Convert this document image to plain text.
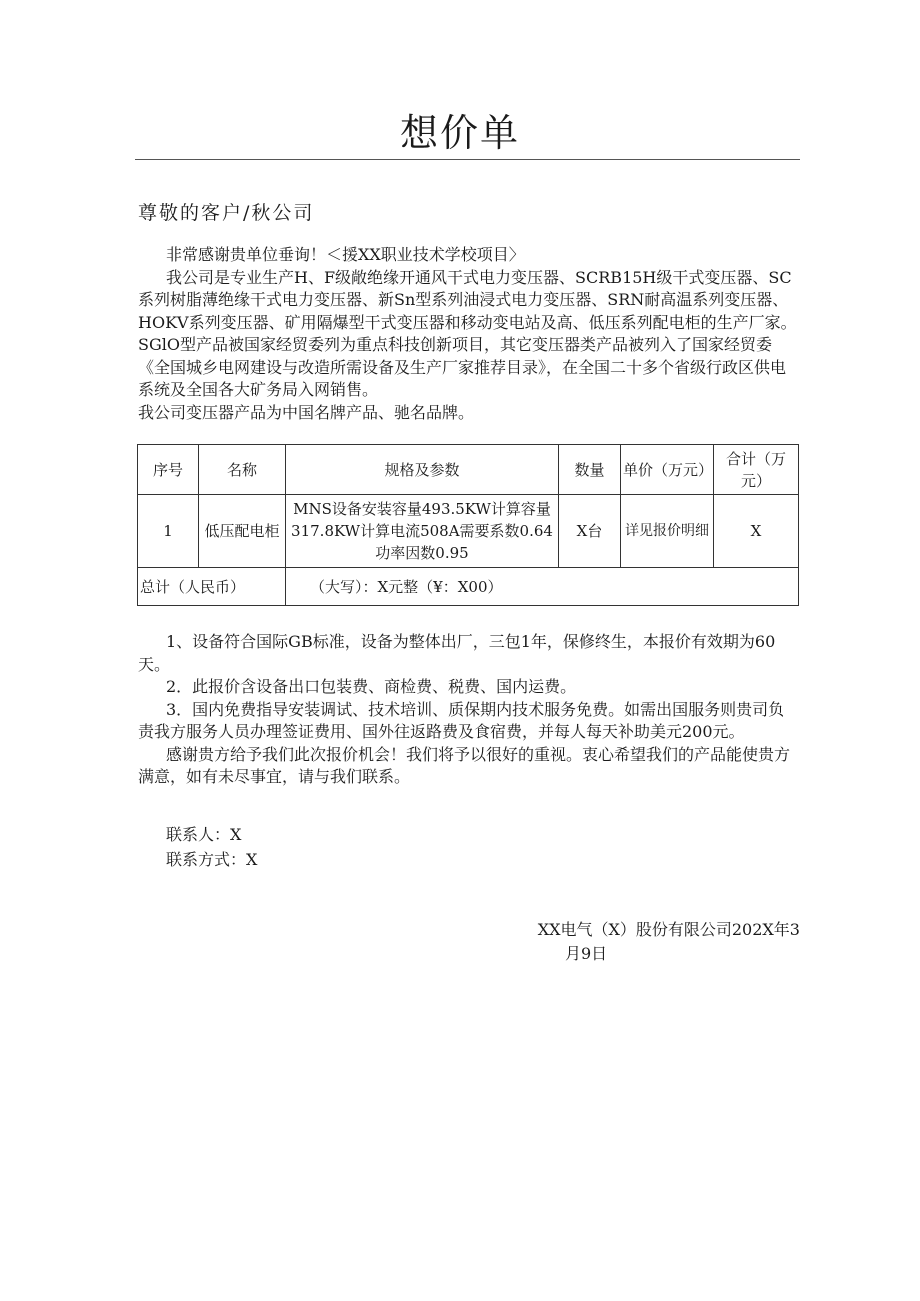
想价单
尊敬的客户/秋公司

非常感谢贵单位垂询！＜援XX职业技术学校项目〉

我公司是专业生产H、F级敞绝缘开通风干式电力变压器、SCRB15H级干式变压器、SC系列树脂薄绝缘干式电力变压器、新Sn型系列油浸式电力变压器、SRN耐高温系列变压器、HOKV系列变压器、矿用隔爆型干式变压器和移动变电站及高、低压系列配电柜的生产厂家。SGlO型产品被国家经贸委列为重点科技创新项目，其它变压器类产品被列入了国家经贸委《全国城乡电网建设与改造所需设备及生产厂家推荐目录》，在全国二十多个省级行政区供电系统及全国各大矿务局入网销售。

我公司变压器产品为中国名牌产品、驰名品牌。

序号	名称	规格及参数	数量	单价（万元）	合计（万元）
1	低压配电柜	MNS设备安装容量493.5KW计算容量317.8KW计算电流508A需要系数0.64功率因数0.95	X台	详见报价明细	X
总计（人民币）		（大写）：X元整（¥：X00）			

1、设备符合国际GB标准，设备为整体出厂，三包1年，保修终生，本报价有效期为60天。

2．此报价含设备出口包装费、商检费、税费、国内运费。

3．国内免费指导安装调试、技术培训、质保期内技术服务免费。如需出国服务则贵司负责我方服务人员办理签证费用、国外往返路费及食宿费，并每人每天补助美元200元。

感谢贵方给予我们此次报价机会！我们将予以很好的重视。衷心希望我们的产品能使贵方满意，如有未尽事宜，请与我们联系。

联系人：X
联系方式：X
XX电气（X）股份有限公司202X年3
月9日
